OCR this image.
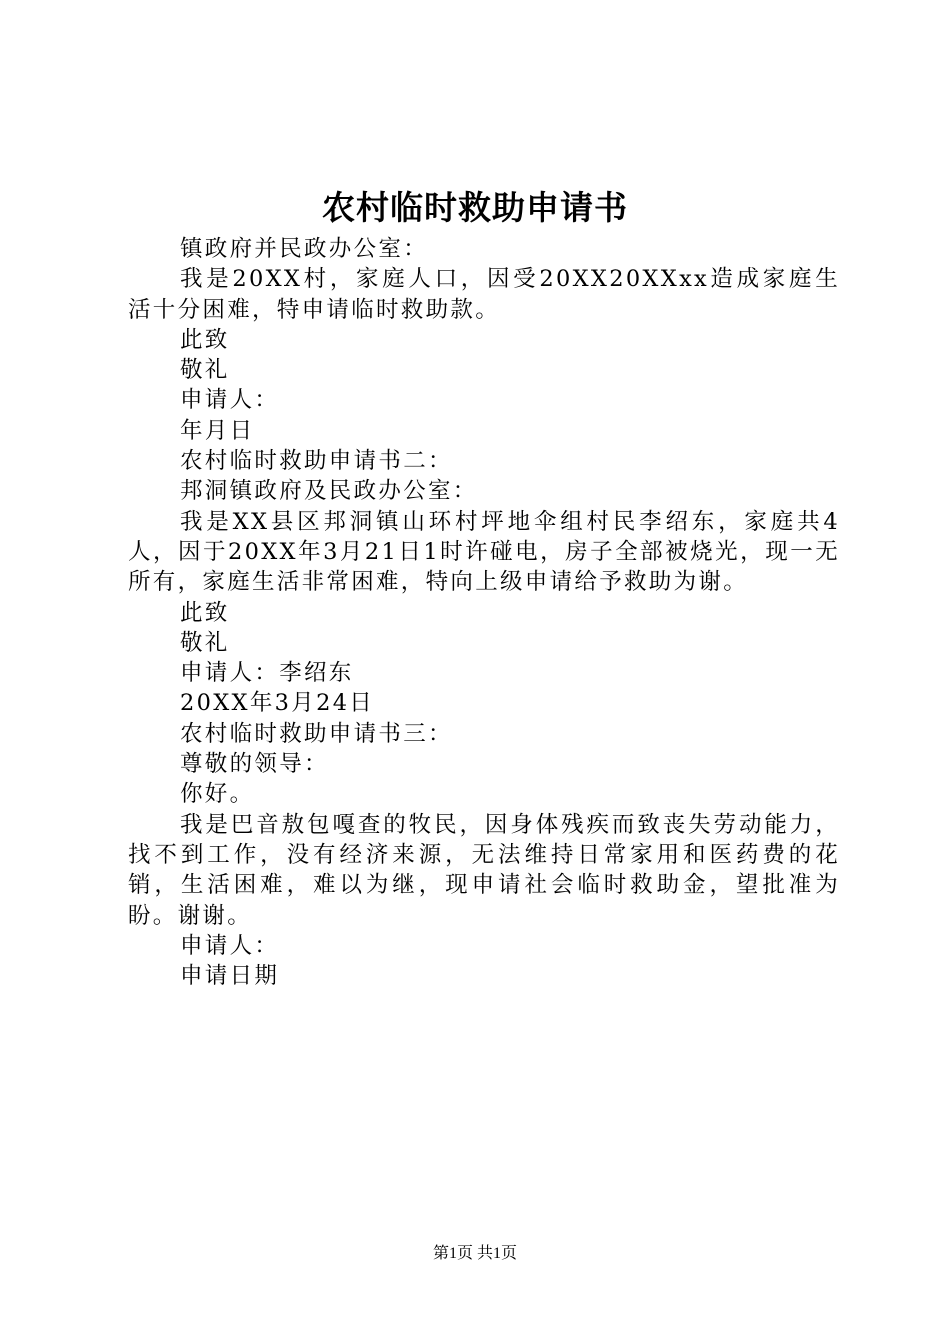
农村临时救助申请书

镇政府并民政办公室：

我是20XX村，家庭人口，因受20XX20XXxx造成家庭生活十分困难，特申请临时救助款。

此致

敬礼

申请人：

年月日

农村临时救助申请书二：

邦洞镇政府及民政办公室：

我是XX县区邦洞镇山环村坪地伞组村民李绍东，家庭共4人，因于20XX年3月21日1时许碰电，房子全部被烧光，现一无所有，家庭生活非常困难，特向上级申请给予救助为谢。

此致

敬礼

申请人：李绍东

20XX年3月24日

农村临时救助申请书三：

尊敬的领导：

你好。

我是巴音敖包嘎查的牧民，因身体残疾而致丧失劳动能力，找不到工作，没有经济来源，无法维持日常家用和医药费的花销，生活困难，难以为继，现申请社会临时救助金，望批准为盼。谢谢。

申请人：

申请日期

第1页 共1页
